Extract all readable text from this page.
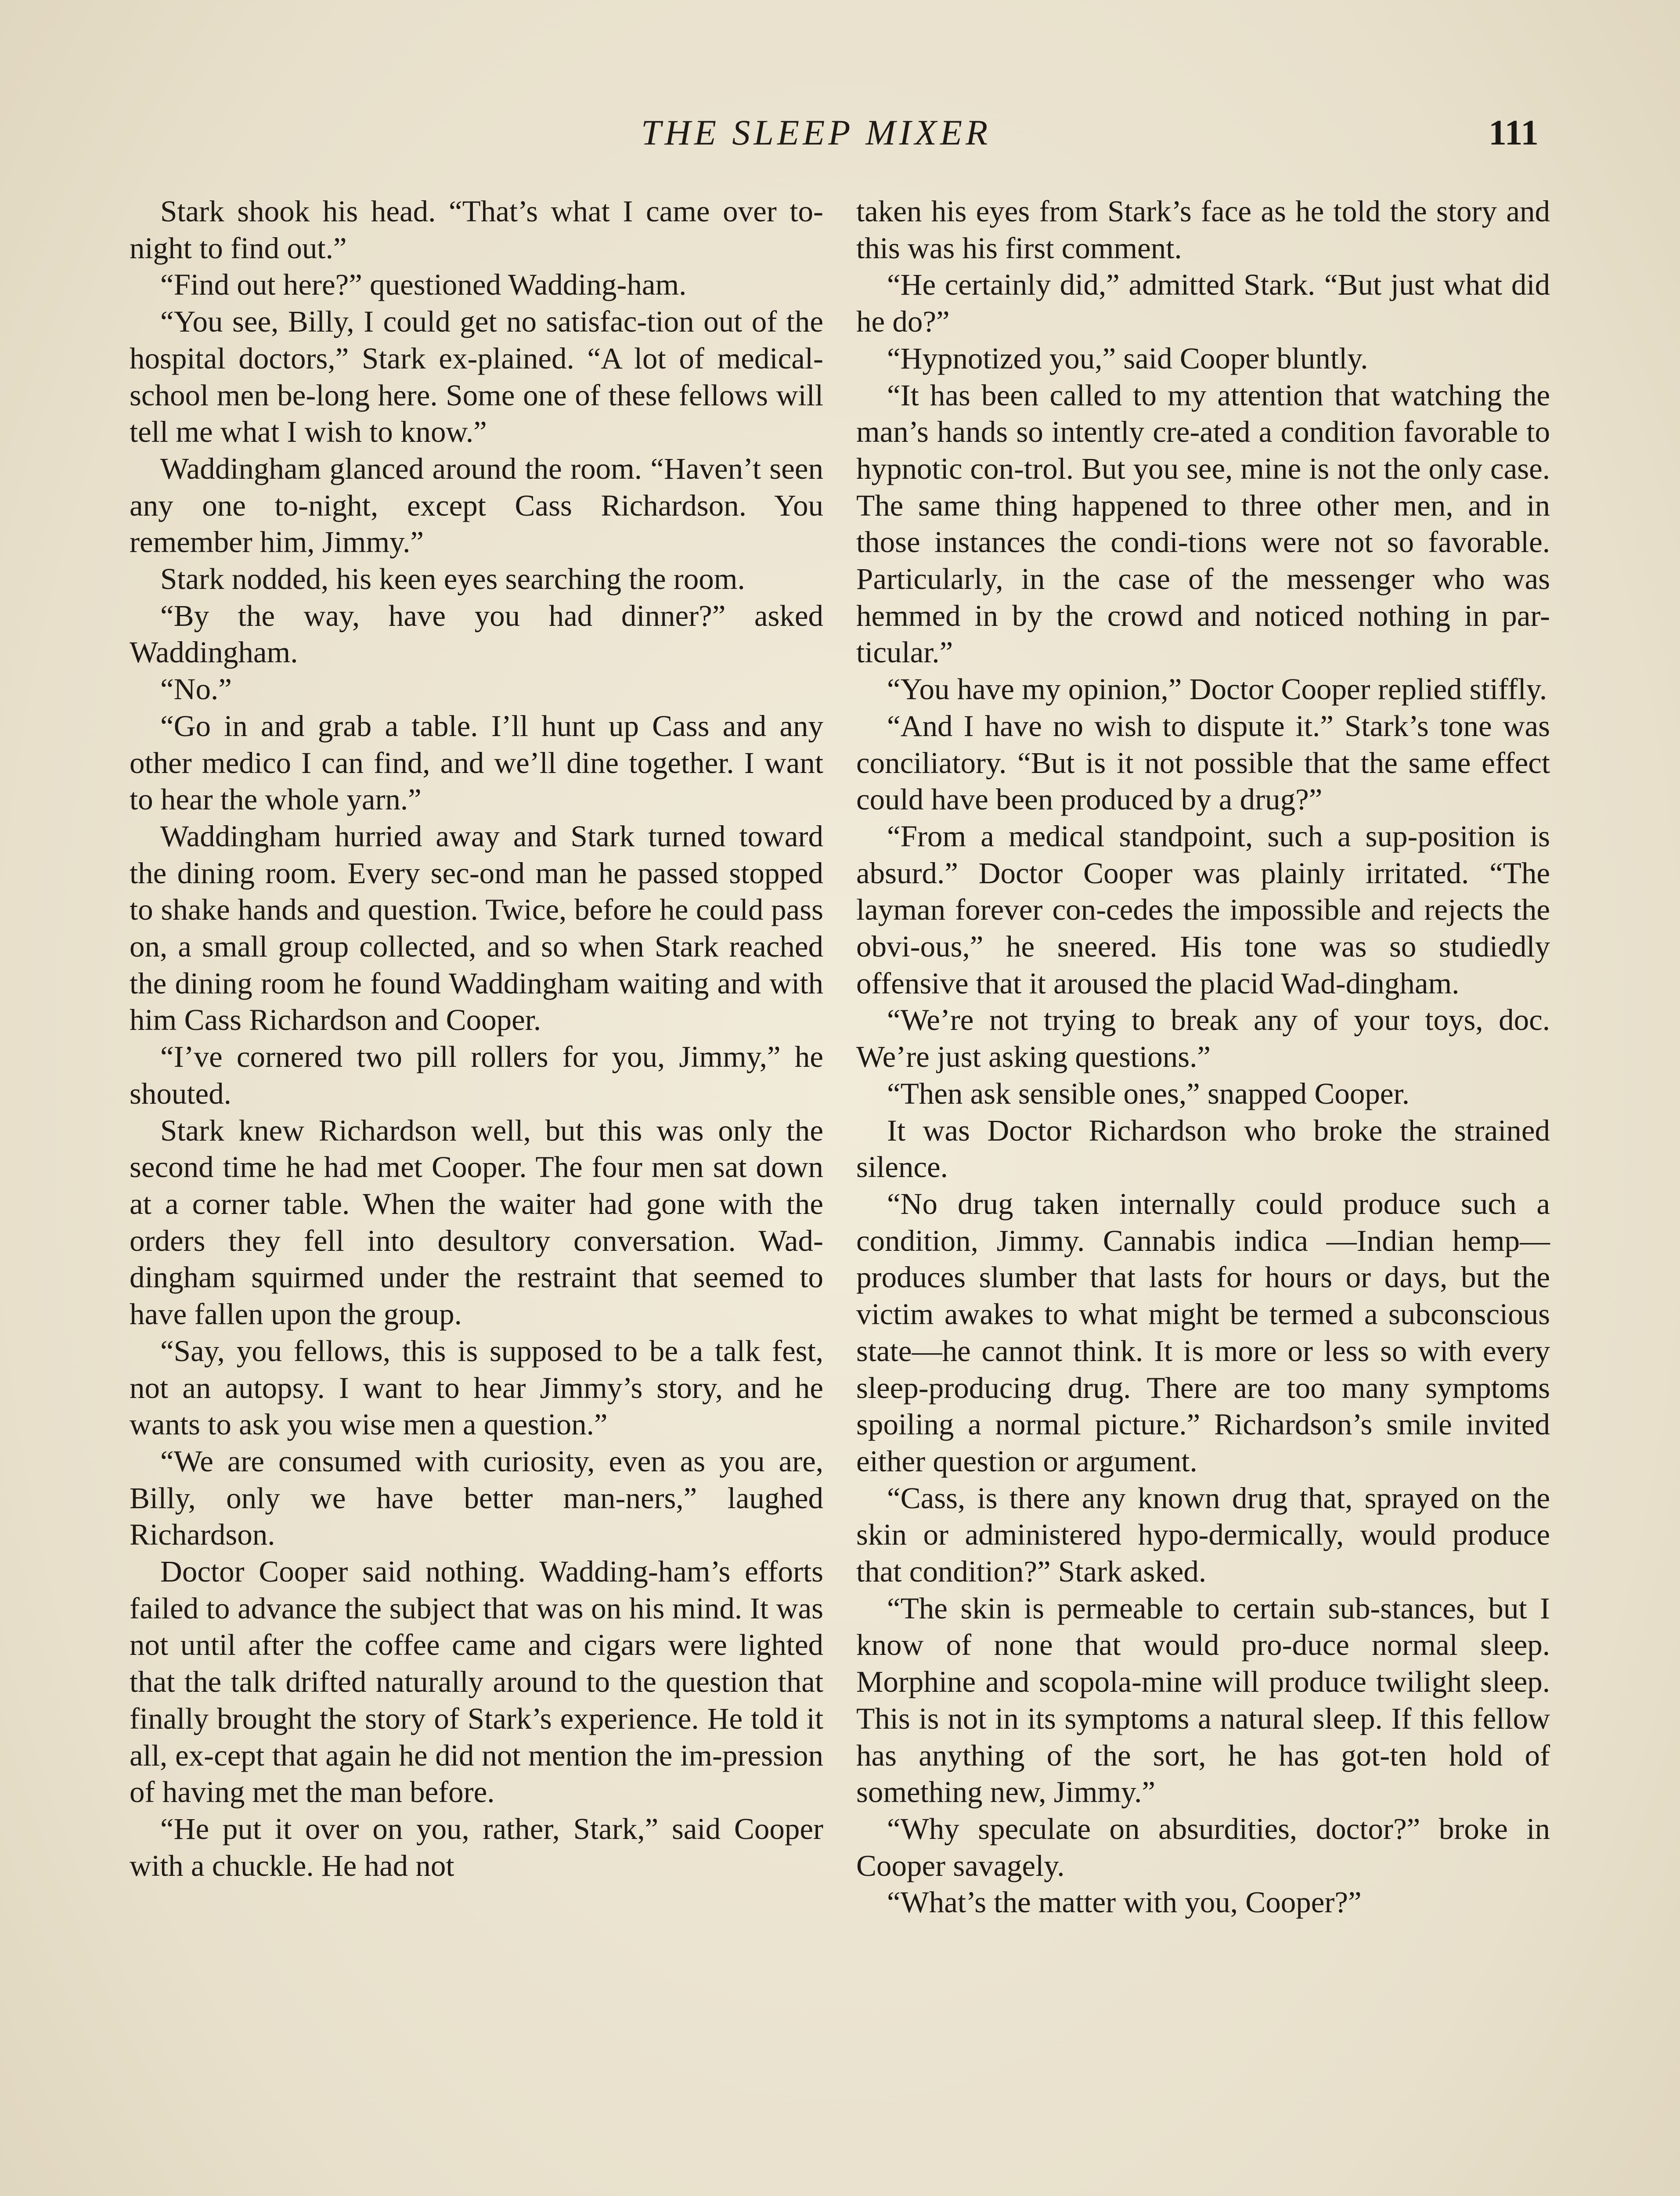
THE SLEEP MIXER	111

Stark shook his head. “That’s what I came over to-night to find out.”

“Find out here?” questioned Wadding-ham.

“You see, Billy, I could get no satisfac-tion out of the hospital doctors,” Stark ex-plained. “A lot of medical-school men be-long here. Some one of these fellows will tell me what I wish to know.”

Waddingham glanced around the room. “Haven’t seen any one to-night, except Cass Richardson. You remember him, Jimmy.”

Stark nodded, his keen eyes searching the room.

“By the way, have you had dinner?” asked Waddingham.

“No.”

“Go in and grab a table. I’ll hunt up Cass and any other medico I can find, and we’ll dine together. I want to hear the whole yarn.”

Waddingham hurried away and Stark turned toward the dining room. Every sec-ond man he passed stopped to shake hands and question. Twice, before he could pass on, a small group collected, and so when Stark reached the dining room he found Waddingham waiting and with him Cass Richardson and Cooper.

“I’ve cornered two pill rollers for you, Jimmy,” he shouted.

Stark knew Richardson well, but this was only the second time he had met Cooper. The four men sat down at a corner table. When the waiter had gone with the orders they fell into desultory conversation. Wad-dingham squirmed under the restraint that seemed to have fallen upon the group.

“Say, you fellows, this is supposed to be a talk fest, not an autopsy. I want to hear Jimmy’s story, and he wants to ask you wise men a question.”

“We are consumed with curiosity, even as you are, Billy, only we have better man-ners,” laughed Richardson.

Doctor Cooper said nothing. Wadding-ham’s efforts failed to advance the subject that was on his mind. It was not until after the coffee came and cigars were lighted that the talk drifted naturally around to the question that finally brought the story of Stark’s experience. He told it all, ex-cept that again he did not mention the im-pression of having met the man before.

“He put it over on you, rather, Stark,” said Cooper with a chuckle. He had not

taken his eyes from Stark’s face as he told the story and this was his first comment.

“He certainly did,” admitted Stark. “But just what did he do?”

“Hypnotized you,” said Cooper bluntly.

“It has been called to my attention that watching the man’s hands so intently cre-ated a condition favorable to hypnotic con-trol. But you see, mine is not the only case. The same thing happened to three other men, and in those instances the condi-tions were not so favorable. Particularly, in the case of the messenger who was hemmed in by the crowd and noticed nothing in par-ticular.”

“You have my opinion,” Doctor Cooper replied stiffly.

“And I have no wish to dispute it.” Stark’s tone was conciliatory. “But is it not possible that the same effect could have been produced by a drug?”

“From a medical standpoint, such a sup-position is absurd.” Doctor Cooper was plainly irritated. “The layman forever con-cedes the impossible and rejects the obvi-ous,” he sneered. His tone was so studiedly offensive that it aroused the placid Wad-dingham.

“We’re not trying to break any of your toys, doc. We’re just asking questions.”

“Then ask sensible ones,” snapped Cooper.

It was Doctor Richardson who broke the strained silence.

“No drug taken internally could produce such a condition, Jimmy. Cannabis indica —Indian hemp—produces slumber that lasts for hours or days, but the victim awakes to what might be termed a subconscious state—he cannot think. It is more or less so with every sleep-producing drug. There are too many symptoms spoiling a normal picture.” Richardson’s smile invited either question or argument.

“Cass, is there any known drug that, sprayed on the skin or administered hypo-dermically, would produce that condition?” Stark asked.

“The skin is permeable to certain sub-stances, but I know of none that would pro-duce normal sleep. Morphine and scopola-mine will produce twilight sleep. This is not in its symptoms a natural sleep. If this fellow has anything of the sort, he has got-ten hold of something new, Jimmy.”

“Why speculate on absurdities, doctor?” broke in Cooper savagely.

“What’s the matter with you, Cooper?”
